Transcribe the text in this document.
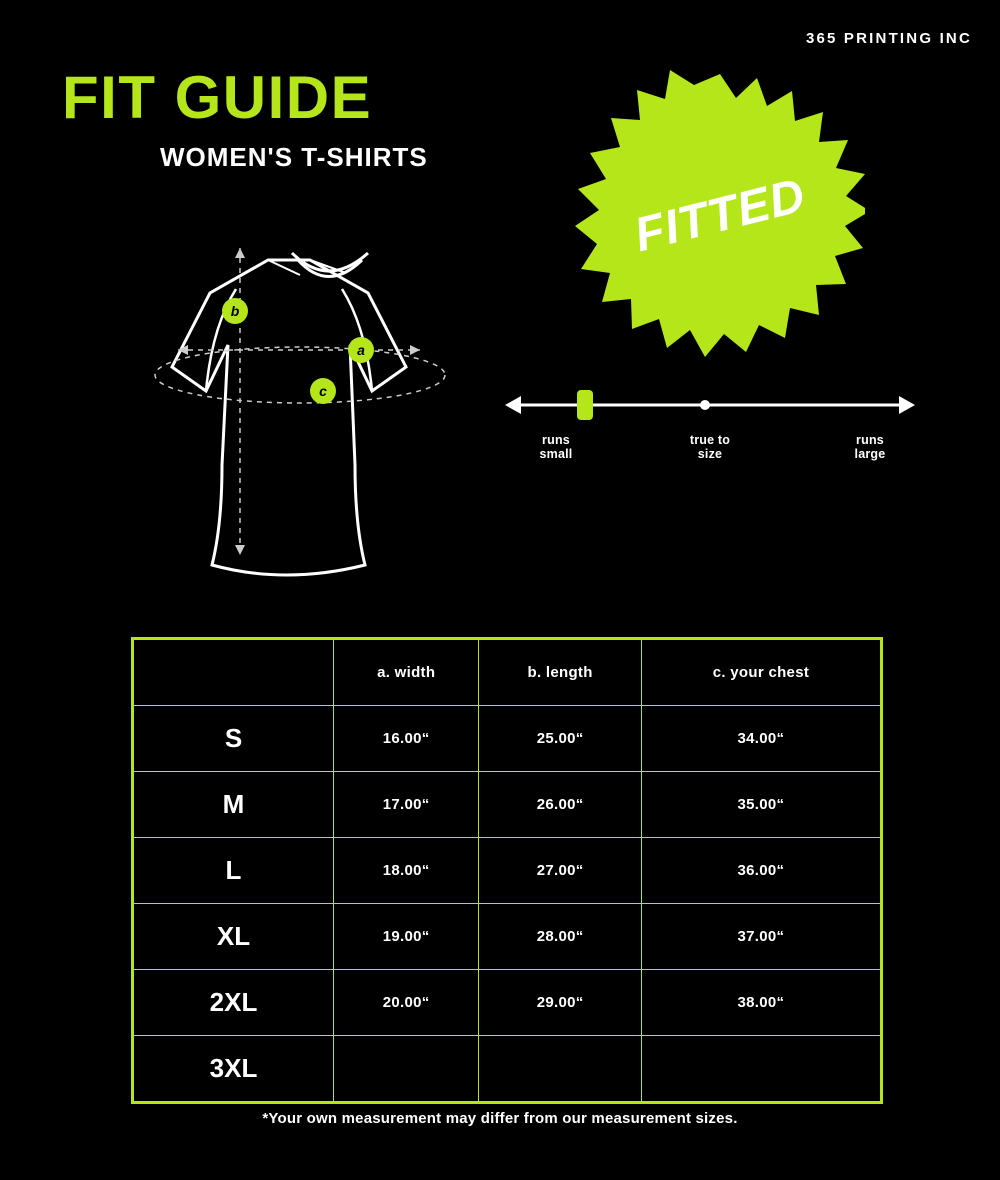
365 PRINTING INC
FIT GUIDE
WOMEN'S T-SHIRTS
a
b
c
FITTED
runs
small
true to
size
runs
large
	a. width	b. length	c. your chest
S	16.00“	25.00“	34.00“
M	17.00“	26.00“	35.00“
L	18.00“	27.00“	36.00“
XL	19.00“	28.00“	37.00“
2XL	20.00“	29.00“	38.00“
3XL			
*Your own measurement may differ from our measurement sizes.
